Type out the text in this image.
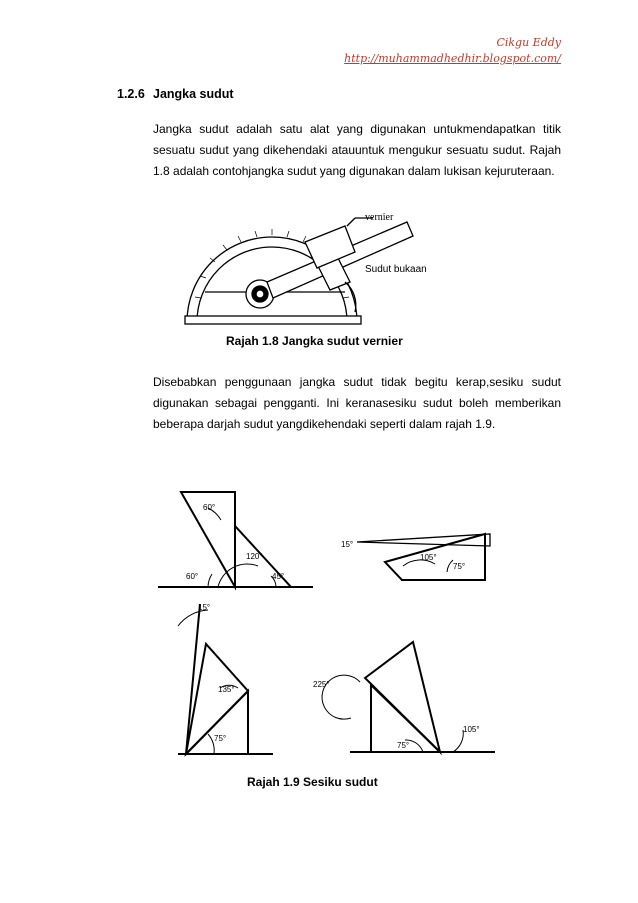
Cikgu Eddy
http://muhammadhedhir.blogspot.com/
1.2.6 Jangka sudut
Jangka sudut adalah satu alat yang digunakan untukmendapatkan titik sesuatu sudut yang dikehendaki atauuntuk mengukur sesuatu sudut. Rajah 1.8 adalah contohjangka sudut yang digunakan dalam lukisan kejuruteraan.
vernier
Sudut bukaan
Rajah 1.8 Jangka sudut vernier
Disebabkan penggunaan jangka sudut tidak begitu kerap,sesiku sudut digunakan sebagai pengganti. Ini keranasesiku sudut boleh memberikan beberapa darjah sudut yangdikehendaki seperti dalam rajah 1.9.
60°
60°
120°
45°
15°
105°
75°
15°
135°
75°
225°
75°
105°
Rajah 1.9 Sesiku sudut
